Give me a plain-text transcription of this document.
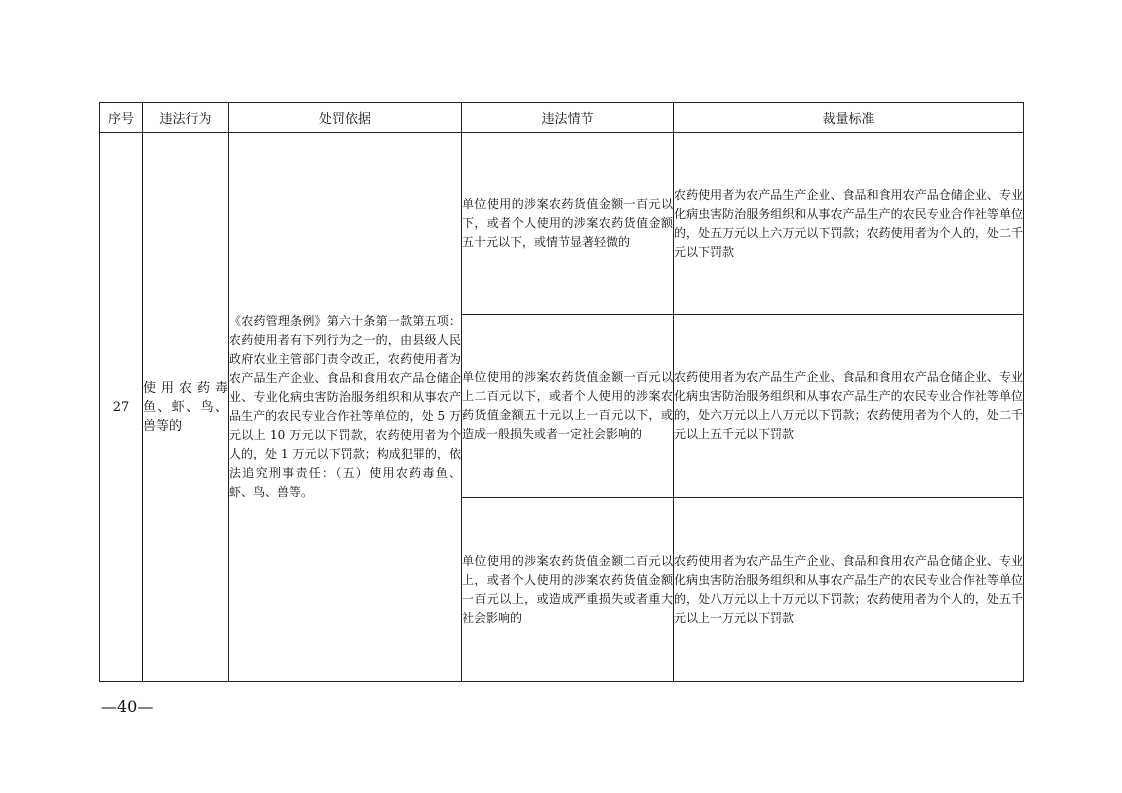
序号	违法行为	处罚依据	违法情节	裁量标准
27	使用农药毒鱼、虾、鸟、兽等的	《农药管理条例》第六十条第一款第五项：农药使用者有下列行为之一的，由县级人民政府农业主管部门责令改正，农药使用者为农产品生产企业、食品和食用农产品仓储企业、专业化病虫害防治服务组织和从事农产品生产的农民专业合作社等单位的，处 5 万元以上 10 万元以下罚款，农药使用者为个人的，处 1 万元以下罚款；构成犯罪的，依法追究刑事责任：（五）使用农药毒鱼、虾、鸟、兽等。	单位使用的涉案农药货值金额一百元以下，或者个人使用的涉案农药货值金额五十元以下，或情节显著轻微的	农药使用者为农产品生产企业、食品和食用农产品仓储企业、专业化病虫害防治服务组织和从事农产品生产的农民专业合作社等单位的，处五万元以上六万元以下罚款；农药使用者为个人的，处二千元以下罚款
			单位使用的涉案农药货值金额一百元以上二百元以下，或者个人使用的涉案农药货值金额五十元以上一百元以下，或造成一般损失或者一定社会影响的	农药使用者为农产品生产企业、食品和食用农产品仓储企业、专业化病虫害防治服务组织和从事农产品生产的农民专业合作社等单位的，处六万元以上八万元以下罚款；农药使用者为个人的，处二千元以上五千元以下罚款
			单位使用的涉案农药货值金额二百元以上，或者个人使用的涉案农药货值金额一百元以上，或造成严重损失或者重大社会影响的	农药使用者为农产品生产企业、食品和食用农产品仓储企业、专业化病虫害防治服务组织和从事农产品生产的农民专业合作社等单位的，处八万元以上十万元以下罚款；农药使用者为个人的，处五千元以上一万元以下罚款
—40—
